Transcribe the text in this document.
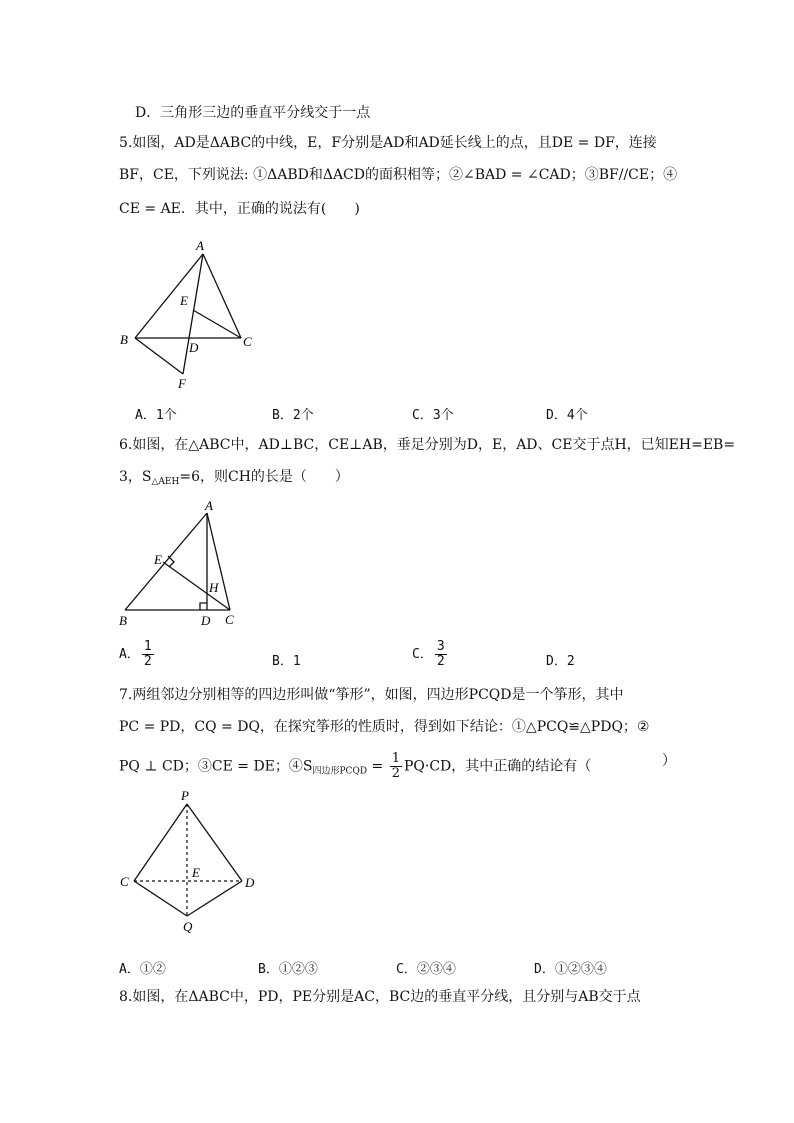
D．三角形三边的垂直平分线交于一点
5.如图，AD是ΔABC的中线，E，F分别是AD和AD延长线上的点，且DE = DF，连接
BF，CE，下列说法: ①ΔABD和ΔACD的面积相等；②∠BAD = ∠CAD；③BF//CE；④
CE = AE．其中，正确的说法有(　　)
A
B	C
D
E
F
A．1个	B．2个	C．3个	D．4个
6.如图，在△ABC中，AD⊥BC，CE⊥AB，垂足分别为D，E，AD、CE交于点H，已知EH=EB=
3，$S_{\triangle AEH}=6$，则CH的长是（　　）
A
B	C
D
E
H
A． $\frac{1}{2}$	B．1	C． $\frac{3}{2}$	D．2
7.两组邻边分别相等的四边形叫做“筝形”，如图，四边形PCQD是一个筝形，其中
PC = PD，CQ = DQ，在探究筝形的性质时，得到如下结论：①△PCQ≌△PDQ；②
PQ ⊥ CD；③CE = DE；$④S_{四边形PCQD} = \frac{1}{2} PQ\cdot CD$，其中正确的结论有（	）
P
C	D
E
Q
A．①②	B．①②③	C．②③④	D．①②③④
8.如图，在ΔABC中，PD，PE分别是AC，BC边的垂直平分线，且分别与AB交于点
